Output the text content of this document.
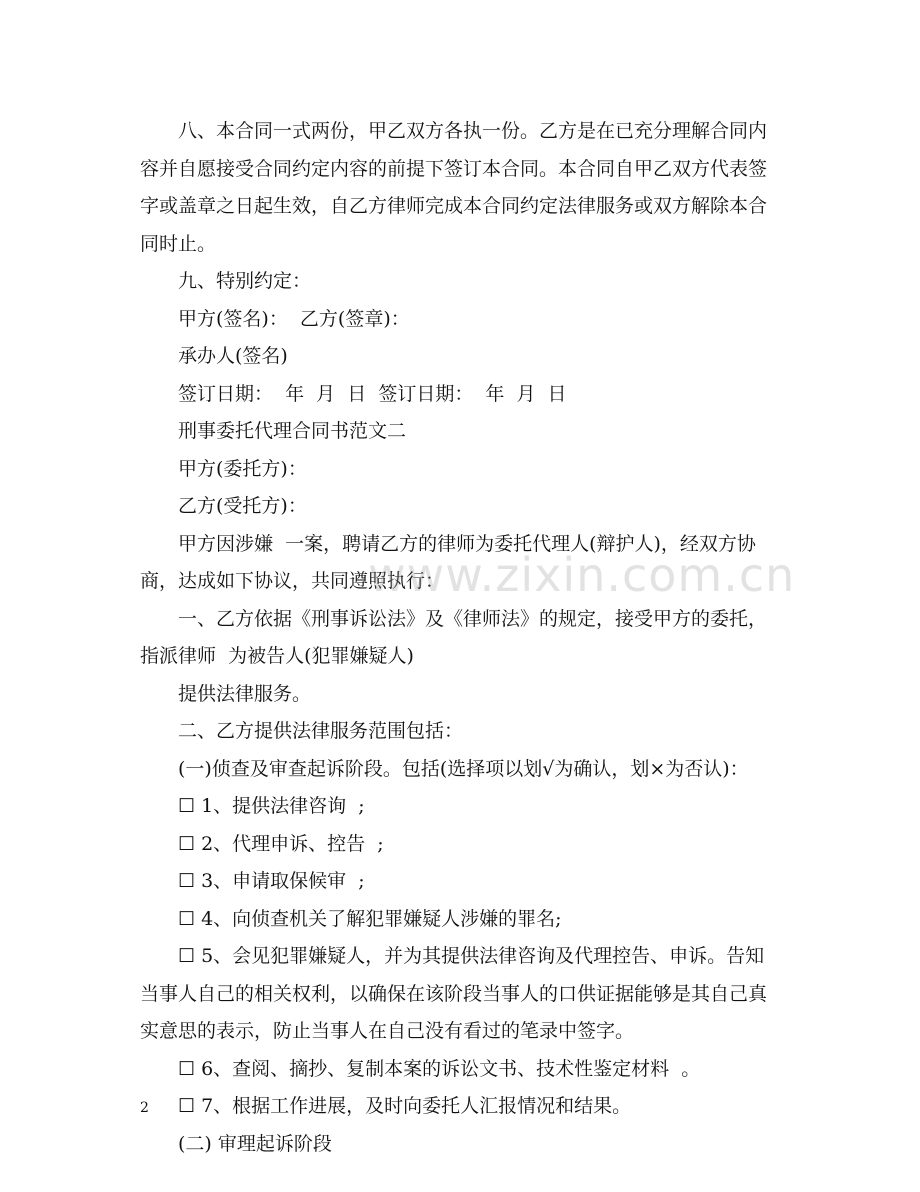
八、本合同一式两份，甲乙双方各执一份。乙方是在已充分理解合同内容并自愿接受合同约定内容的前提下签订本合同。本合同自甲乙双方代表签字或盖章之日起生效，自乙方律师完成本合同约定法律服务或双方解除本合同时止。

九、特别约定：

甲方(签名)：  乙方(签章)：

承办人(签名)

签订日期：  年  月  日  签订日期：  年  月  日

刑事委托代理合同书范文二

甲方(委托方)：

乙方(受托方)：

甲方因涉嫌  一案，聘请乙方的律师为委托代理人(辩护人)，经双方协商，达成如下协议，共同遵照执行：

一、乙方依据《刑事诉讼法》及《律师法》的规定，接受甲方的委托，指派律师  为被告人(犯罪嫌疑人)

提供法律服务。

二、乙方提供法律服务范围包括：

(一)侦查及审查起诉阶段。包括(选择项以划√为确认，划×为否认)：

☐ 1、提供法律咨询  ;

☐ 2、代理申诉、控告  ;

☐ 3、申请取保候审  ;

☐ 4、向侦查机关了解犯罪嫌疑人涉嫌的罪名;

☐ 5、会见犯罪嫌疑人，并为其提供法律咨询及代理控告、申诉。告知当事人自己的相关权利，以确保在该阶段当事人的口供证据能够是其自己真实意思的表示，防止当事人在自己没有看过的笔录中签字。

☐ 6、查阅、摘抄、复制本案的诉讼文书、技术性鉴定材料  。

☐ 7、根据工作进展，及时向委托人汇报情况和结果。

(二) 审理起诉阶段

www.zixin.com.cn
2
